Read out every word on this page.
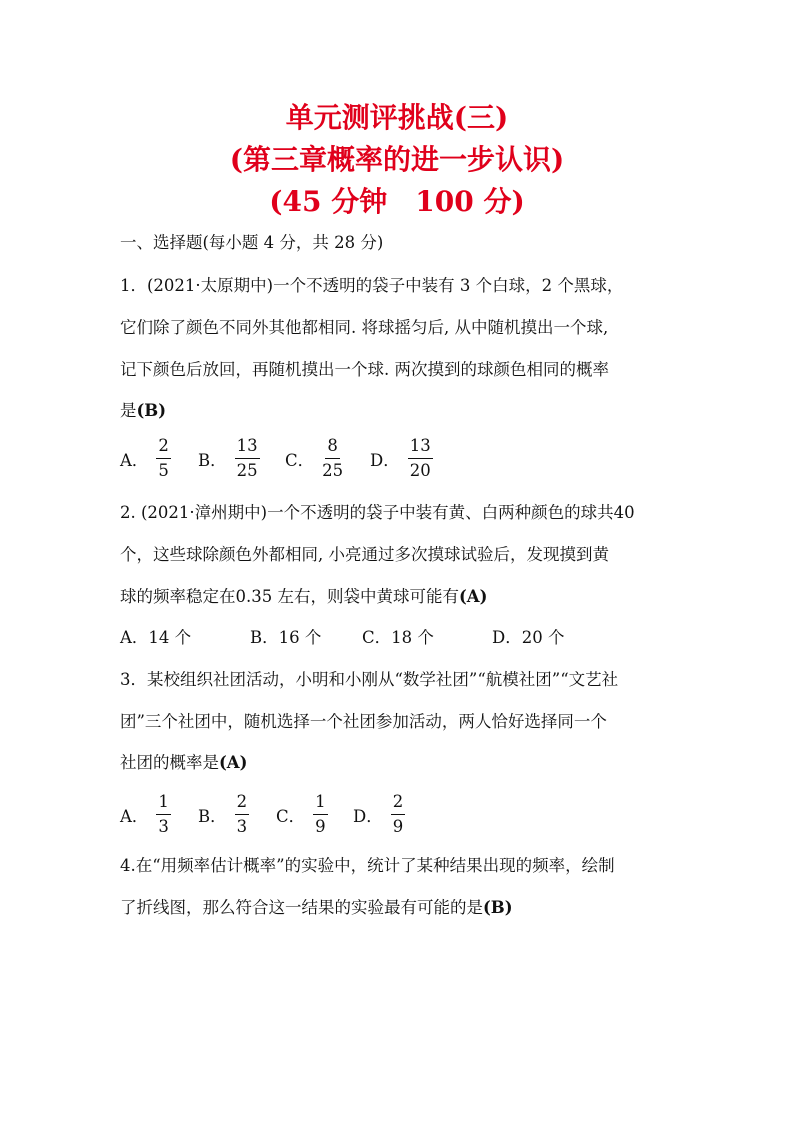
单元测评挑战(三)
(第三章概率的进一步认识)
(45 分钟　100 分)
一、选择题(每小题 4 分，共 28 分)
1．(2021·太原期中)一个不透明的袋子中装有 3 个白球，2 个黑球，
它们除了颜色不同外其他都相同. 将球摇匀后, 从中随机摸出一个球,
记下颜色后放回，再随机摸出一个球. 两次摸到的球颜色相同的概率
是(B)
A． $\frac{2}{5}$ B． $\frac{13}{25}$ C． $\frac{8}{25}$ D． $\frac{13}{20}$
2. (2021·漳州期中)一个不透明的袋子中装有黄、白两种颜色的球共40
个，这些球除颜色外都相同, 小亮通过多次摸球试验后，发现摸到黄
球的频率稳定在0.35 左右，则袋中黄球可能有(A)
A．14 个	B．16 个 C．18 个	D．20 个
3．某校组织社团活动，小明和小刚从“数学社团”“航模社团”“文艺社
团”三个社团中，随机选择一个社团参加活动，两人恰好选择同一个
社团的概率是(A)
A． $\frac{1}{3}$ B． $\frac{2}{3}$ C． $\frac{1}{9}$ D． $\frac{2}{9}$
4.在“用频率估计概率”的实验中，统计了某种结果出现的频率，绘制
了折线图，那么符合这一结果的实验最有可能的是(B)
